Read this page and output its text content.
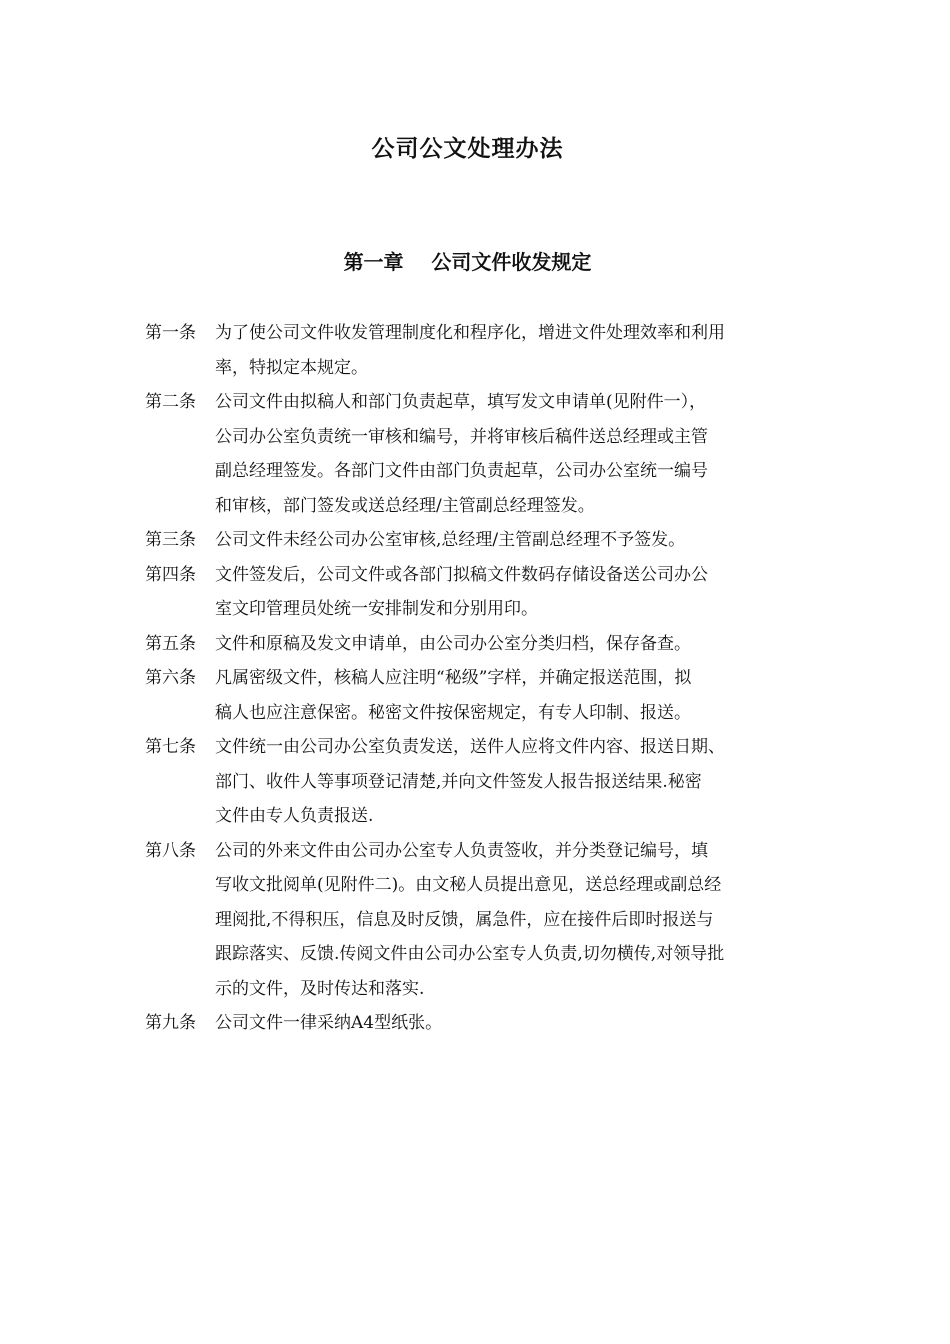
公司公文处理办法
第一章    公司文件收发规定
第一条	为了使公司文件收发管理制度化和程序化，增进文件处理效率和利用
率，特拟定本规定。
第二条	公司文件由拟稿人和部门负责起草，填写发文申请单(见附件一），
公司办公室负责统一审核和编号，并将审核后稿件送总经理或主管
副总经理签发。各部门文件由部门负责起草，公司办公室统一编号
和审核，部门签发或送总经理/主管副总经理签发。
第三条	公司文件未经公司办公室审核,总经理/主管副总经理不予签发。
第四条	文件签发后，公司文件或各部门拟稿文件数码存储设备送公司办公
室文印管理员处统一安排制发和分别用印。
第五条	文件和原稿及发文申请单，由公司办公室分类归档，保存备查。
第六条	凡属密级文件，核稿人应注明“秘级”字样，并确定报送范围，拟
稿人也应注意保密。秘密文件按保密规定，有专人印制、报送。
第七条	文件统一由公司办公室负责发送，送件人应将文件内容、报送日期、
部门、收件人等事项登记清楚,并向文件签发人报告报送结果.秘密
文件由专人负责报送.
第八条	公司的外来文件由公司办公室专人负责签收，并分类登记编号，填
写收文批阅单(见附件二)。由文秘人员提出意见，送总经理或副总经
理阅批,不得积压，信息及时反馈，属急件，应在接件后即时报送与
跟踪落实、反馈.传阅文件由公司办公室专人负责,切勿横传,对领导批
示的文件，及时传达和落实.
第九条	公司文件一律采纳A4型纸张。
